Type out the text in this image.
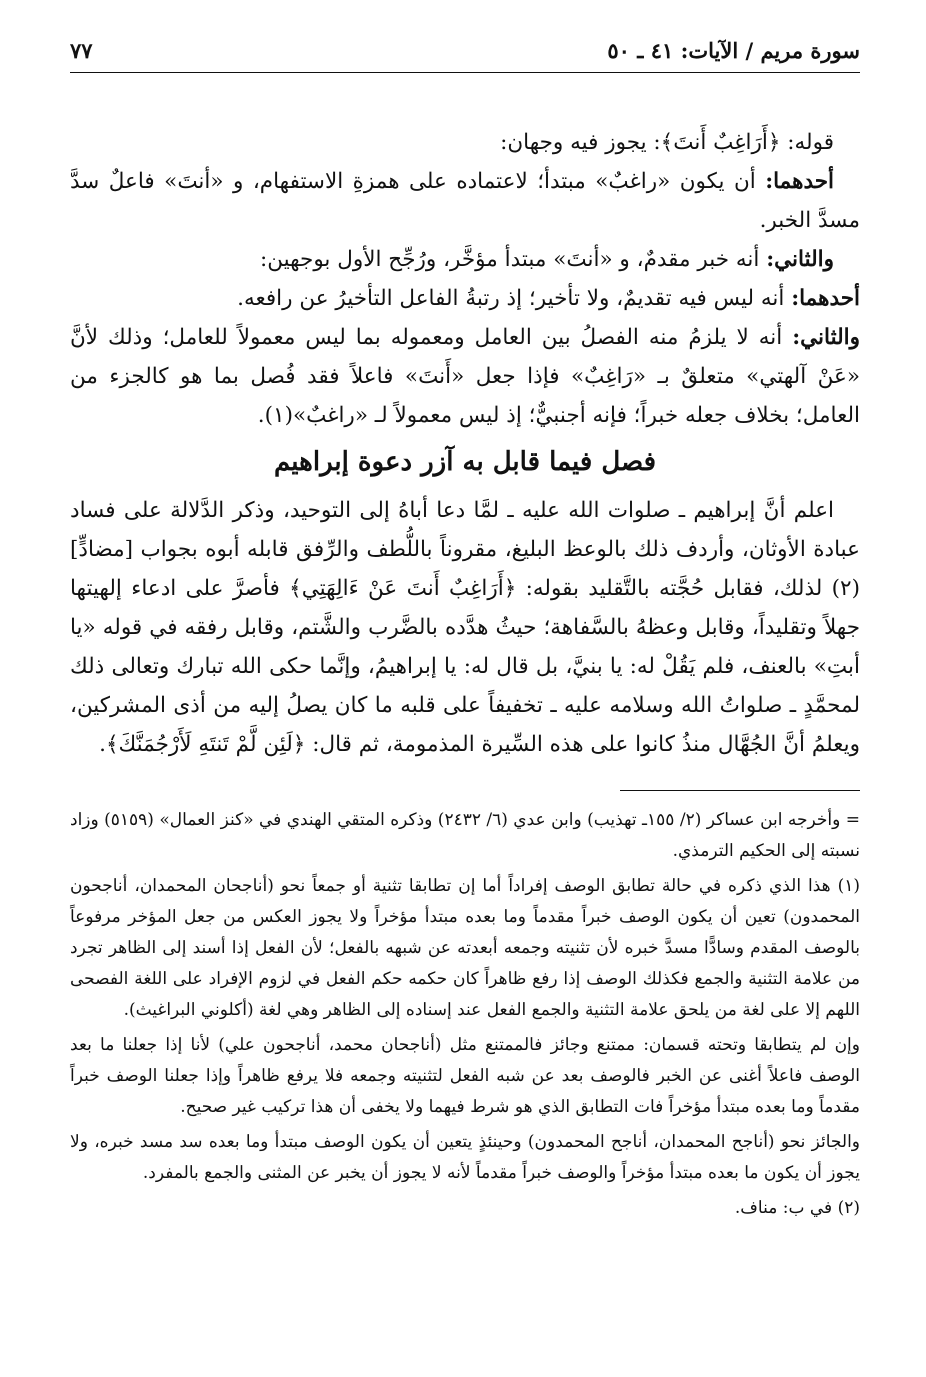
سورة مريم / الآيات: ٤١ ـ ٥٠
٧٧

قوله: ﴿أَرَاغِبٌ أَنتَ﴾: يجوز فيه وجهان:

أحدهما: أن يكون «راغبٌ» مبتدأ؛ لاعتماده على همزةِ الاستفهام، و «أنتَ» فاعلٌ سدَّ مسدَّ الخبر.

والثاني: أنه خبر مقدمٌ، و «أنتَ» مبتدأ مؤخَّر، ورُجِّح الأول بوجهين:

أحدهما: أنه ليس فيه تقديمٌ، ولا تأخير؛ إذ رتبةُ الفاعل التأخيرُ عن رافعه.

والثاني: أنه لا يلزمُ منه الفصلُ بين العامل ومعموله بما ليس معمولاً للعامل؛ وذلك لأنَّ «عَنْ آلهتي» متعلقٌ بـ «رَاغِبٌ» فإذا جعل «أَنتَ» فاعلاً فقد فُصل بما هو كالجزء من العامل؛ بخلاف جعله خبراً؛ فإنه أجنبيٌّ؛ إذ ليس معمولاً لـ «راغبٌ»(١).

فصل فيما قابل به آزر دعوة إبراهيم

اعلم أنَّ إبراهيم ـ صلوات الله عليه ـ لمَّا دعا أباهُ إلى التوحيد، وذكر الدَّلالة على فساد عبادة الأوثان، وأردف ذلك بالوعظ البليغ، مقروناً باللُّطف والرِّفق قابله أبوه بجواب [مضادٍّ](٢) لذلك، فقابل حُجَّته بالتَّقليد بقوله: ﴿أَرَاغِبٌ أَنتَ عَنْ ءَالِهَتِي﴾ فأصرَّ على ادعاء إلهيتها جهلاً وتقليداً، وقابل وعظهُ بالسَّفاهة؛ حيثُ هدَّده بالضَّرب والشَّتم، وقابل رفقه في قوله «يا أبتِ» بالعنف، فلم يَقُلْ له: يا بنيَّ، بل قال له: يا إبراهيمُ، وإنَّما حكى الله تبارك وتعالى ذلك لمحمَّدٍ ـ صلواتُ الله وسلامه عليه ـ تخفيفاً على قلبه ما كان يصلُ إليه من أذى المشركين، ويعلمُ أنَّ الجُهَّال منذُ كانوا على هذه السِّيرة المذمومة، ثم قال: ﴿لَئِن لَّمْ تَنتَهِ لَأَرْجُمَنَّكَ﴾.

= وأخرجه ابن عساكر (٢/ ١٥٥ـ تهذيب) وابن عدي (٦/ ٢٤٣٢) وذكره المتقي الهندي في «كنز العمال» (٥١٥٩) وزاد نسبته إلى الحكيم الترمذي.

(١) هذا الذي ذكره في حالة تطابق الوصف إفراداً أما إن تطابقا تثنية أو جمعاً نحو (أناجحان المحمدان، أناجحون المحمدون) تعين أن يكون الوصف خبراً مقدماً وما بعده مبتدأ مؤخراً ولا يجوز العكس من جعل المؤخر مرفوعاً بالوصف المقدم وسادًّا مسدَّ خبره لأن تثنيته وجمعه أبعدته عن شبهه بالفعل؛ لأن الفعل إذا أسند إلى الظاهر تجرد من علامة التثنية والجمع فكذلك الوصف إذا رفع ظاهراً كان حكمه حكم الفعل في لزوم الإفراد على اللغة الفصحى اللهم إلا على لغة من يلحق علامة التثنية والجمع الفعل عند إسناده إلى الظاهر وهي لغة (أكلوني البراغيث).

وإن لم يتطابقا وتحته قسمان: ممتنع وجائز فالممتنع مثل (أناجحان محمد، أناجحون علي) لأنا إذا جعلنا ما بعد الوصف فاعلاً أغنى عن الخبر فالوصف بعد عن شبه الفعل لتثنيته وجمعه فلا يرفع ظاهراً وإذا جعلنا الوصف خبراً مقدماً وما بعده مبتدأ مؤخراً فات التطابق الذي هو شرط فيهما ولا يخفى أن هذا تركيب غير صحيح.

والجائز نحو (أناجح المحمدان، أناجح المحمدون) وحينئذٍ يتعين أن يكون الوصف مبتدأ وما بعده سد مسد خبره، ولا يجوز أن يكون ما بعده مبتدأ مؤخراً والوصف خبراً مقدماً لأنه لا يجوز أن يخبر عن المثنى والجمع بالمفرد.

(٢) في ب: مناف.
